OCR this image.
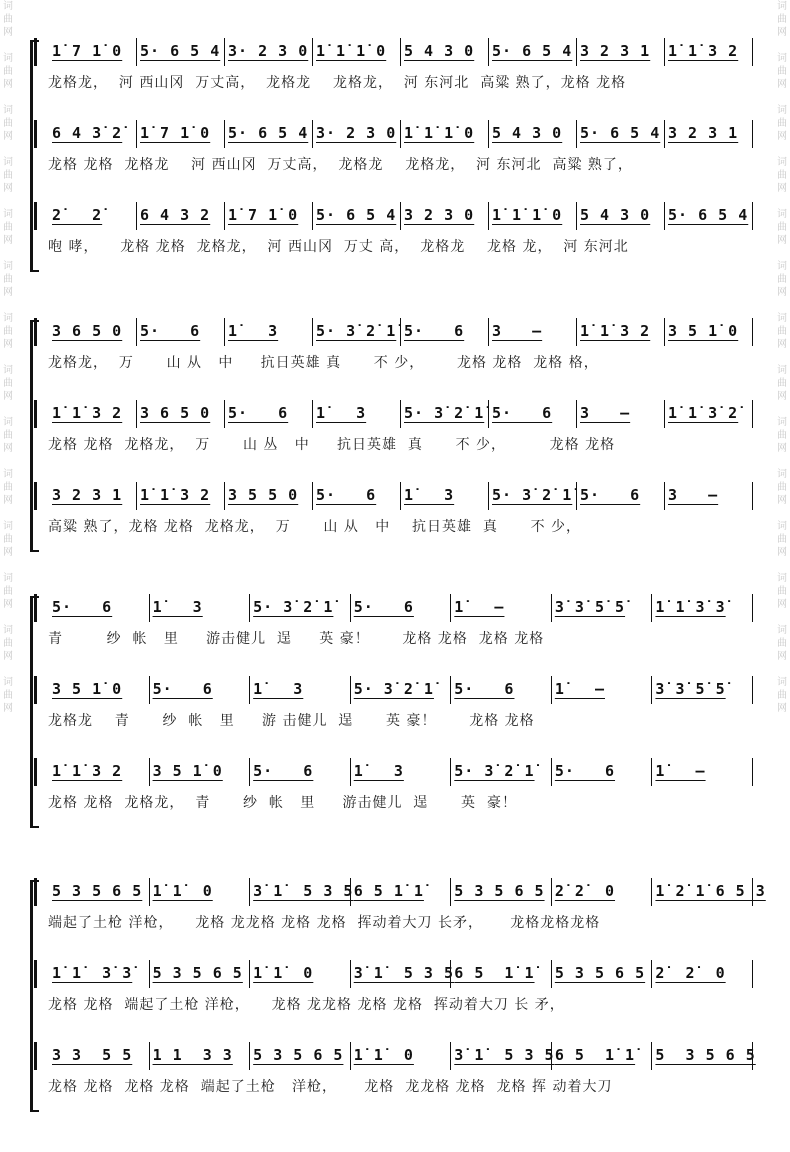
词
曲
网

词
曲
网

词
曲
网

词
曲
网

词
曲
网

词
曲
网

词
曲
网

词
曲
网

词
曲
网

词
曲
网

词
曲
网

词
曲
网

词
曲
网

词
曲
网

词
曲
网

词
曲
网

词
曲
网

词
曲
网

词
曲
网

词
曲
网

词
曲
网

词
曲
网

词
曲
网

词
曲
网

词
曲
网

词
曲
网

词
曲
网

词
曲
网

1̇ 7 1̇ 0	5· 6 5 4 3· 2 3 0 1̇ 1̇ 1̇ 0	5 4 3 0	5· 6 5 4 3 2 3 1	1̇ 1̇ 3 2
龙格龙，  河 西山冈  万丈高，  龙格龙    龙格龙，  河 东河北  高粱 熟了，龙格 龙格
6 4 3̇ 2̇	1̇ 7 1̇ 0	5· 6 5 4 3· 2 3 0 1̇ 1̇ 1̇ 0	5 4 3 0	5· 6 5 4 3 2 3 1
龙格 龙格  龙格龙    河 西山冈  万丈高，  龙格龙    龙格龙，  河 东河北  高粱 熟了，
2̇   2̇	6 4 3 2	1̇ 7 1̇ 0	5· 6 5 4 3 2 3 0	1̇ 1̇ 1̇ 0	5 4 3 0	5· 6 5 4
咆 哮，    龙格 龙格  龙格龙，  河 西山冈  万丈 高，  龙格龙    龙格 龙，  河 东河北
3 6 5 0	5·   6	1̇   3	5· 3̇ 2̇ 1̇ 5·   6	3   –	1̇ 1̇ 3 2	3 5 1̇ 0
龙格龙，  万      山 从   中     抗日英雄 真      不 少，      龙格 龙格  龙格 格，
1̇ 1̇ 3 2	3 6 5 0	5·   6	1̇   3	5· 3̇ 2̇ 1̇ 5·   6	3   –	1̇ 1̇ 3̇ 2̇
龙格 龙格  龙格龙，  万      山 丛   中     抗日英雄  真      不 少，        龙格 龙格
3 2 3 1	1̇ 1̇ 3 2	3 5 5 0	5·   6	1̇   3	5· 3̇ 2̇ 1̇ 5·   6	3   –
高粱 熟了，龙格 龙格  龙格龙，  万      山 从   中    抗日英雄  真      不 少，
5·   6	1̇   3	5· 3̇ 2̇ 1̇	5·   6	1̇   –	3̇ 3̇ 5̇ 5̇	1̇ 1̇ 3̇ 3̇
青        纱  帐   里     游击健儿  逞     英 豪！      龙格 龙格  龙格 龙格
3 5 1̇ 0	5·   6	1̇   3	5· 3̇ 2̇ 1̇	5·   6	1̇   –	3̇ 3̇ 5̇ 5̇
龙格龙    青      纱  帐   里     游 击健儿  逞      英 豪！      龙格 龙格
1̇ 1̇ 3 2	3 5 1̇ 0	5·   6	1̇   3	5· 3̇ 2̇ 1̇	5·   6	1̇   –
龙格 龙格  龙格龙，  青      纱  帐   里     游击健儿  逞      英  豪！
5 3 5 6 5 1̇ 1̇  0	3̇ 1̇  5 3 5 6 5 1̇ 1̇	5 3 5 6 5 2̇ 2̇  0	1̇ 2̇ 1̇ 6 5 3
端起了土枪 洋枪，    龙格 龙龙格 龙格 龙格  挥动着大刀 长矛，     龙格龙格龙格
1̇ 1̇  3̇ 3̇	5 3 5 6 5 1̇ 1̇  0	3̇ 1̇  5 3 5 6 5  1̇ 1̇	5 3 5 6 5 2̇  2̇  0
龙格 龙格  端起了土枪 洋枪，    龙格 龙龙格 龙格 龙格  挥动着大刀 长 矛，
3 3  5 5	1 1  3 3	5 3 5 6 5 1̇ 1̇  0	3̇ 1̇  5 3 5 6 5  1̇ 1̇	5  3 5 6 5
龙格 龙格  龙格 龙格  端起了土枪   洋枪，     龙格  龙龙格 龙格  龙格 挥 动着大刀
